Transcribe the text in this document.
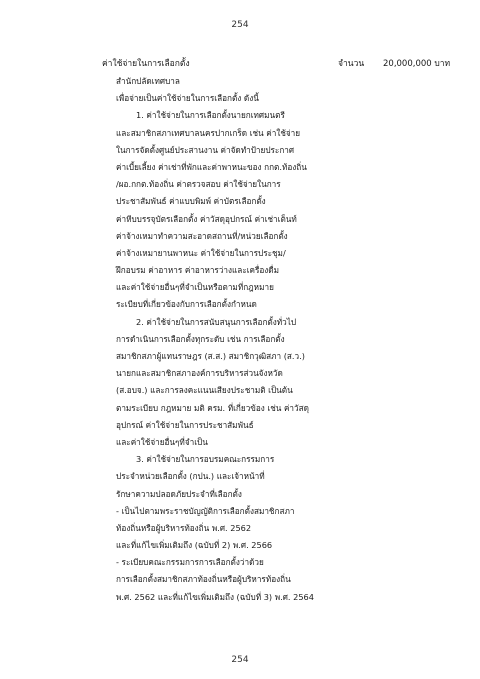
254
ค่าใช้จ่ายในการเลือกตั้ง	จำนวน 20,000,000 บาท
สำนักปลัดเทศบาล
เพื่อจ่ายเป็นค่าใช้จ่ายในการเลือกตั้ง ดังนี้
1. ค่าใช้จ่ายในการเลือกตั้งนายกเทศมนตรี
และสมาชิกสภาเทศบาลนครปากเกร็ด เช่น ค่าใช้จ่าย
ในการจัดตั้งศูนย์ประสานงาน ค่าจัดทำป้ายประกาศ
ค่าเบี้ยเลี้ยง ค่าเช่าที่พักและค่าพาหนะของ กกต.ท้องถิ่น
/ผอ.กกต.ท้องถิ่น ค่าตรวจสอบ ค่าใช้จ่ายในการ
ประชาสัมพันธ์ ค่าแบบพิมพ์ ค่าบัตรเลือกตั้ง
ค่าหีบบรรจุบัตรเลือกตั้ง ค่าวัสดุอุปกรณ์ ค่าเช่าเต็นท์
ค่าจ้างเหมาทำความสะอาดสถานที่/หน่วยเลือกตั้ง
ค่าจ้างเหมายานพาหนะ ค่าใช้จ่ายในการประชุม/
ฝึกอบรม ค่าอาหาร ค่าอาหารว่างและเครื่องดื่ม
และค่าใช้จ่ายอื่นๆที่จำเป็นหรือตามที่กฎหมาย
ระเบียบที่เกี่ยวข้องกับการเลือกตั้งกำหนด
2. ค่าใช้จ่ายในการสนับสนุนการเลือกตั้งทั่วไป
การดำเนินการเลือกตั้งทุกระดับ เช่น การเลือกตั้ง
สมาชิกสภาผู้แทนราษฎร (ส.ส.) สมาชิกวุฒิสภา (ส.ว.)
นายกและสมาชิกสภาองค์การบริหารส่วนจังหวัด
(ส.อบจ.) และการลงคะแนนเสียงประชามติ เป็นต้น
ตามระเบียบ กฎหมาย มติ ครม. ที่เกี่ยวข้อง เช่น ค่าวัสดุ
อุปกรณ์ ค่าใช้จ่ายในการประชาสัมพันธ์
และค่าใช้จ่ายอื่นๆที่จำเป็น
3. ค่าใช้จ่ายในการอบรมคณะกรรมการ
ประจำหน่วยเลือกตั้ง (กปน.) และเจ้าหน้าที่
รักษาความปลอดภัยประจำที่เลือกตั้ง
- เป็นไปตามพระราชบัญญัติการเลือกตั้งสมาชิกสภา
ท้องถิ่นหรือผู้บริหารท้องถิ่น พ.ศ. 2562
และที่แก้ไขเพิ่มเติมถึง (ฉบับที่ 2) พ.ศ. 2566
- ระเบียบคณะกรรมการการเลือกตั้งว่าด้วย
การเลือกตั้งสมาชิกสภาท้องถิ่นหรือผู้บริหารท้องถิ่น
พ.ศ. 2562 และที่แก้ไขเพิ่มเติมถึง (ฉบับที่ 3) พ.ศ. 2564
254
